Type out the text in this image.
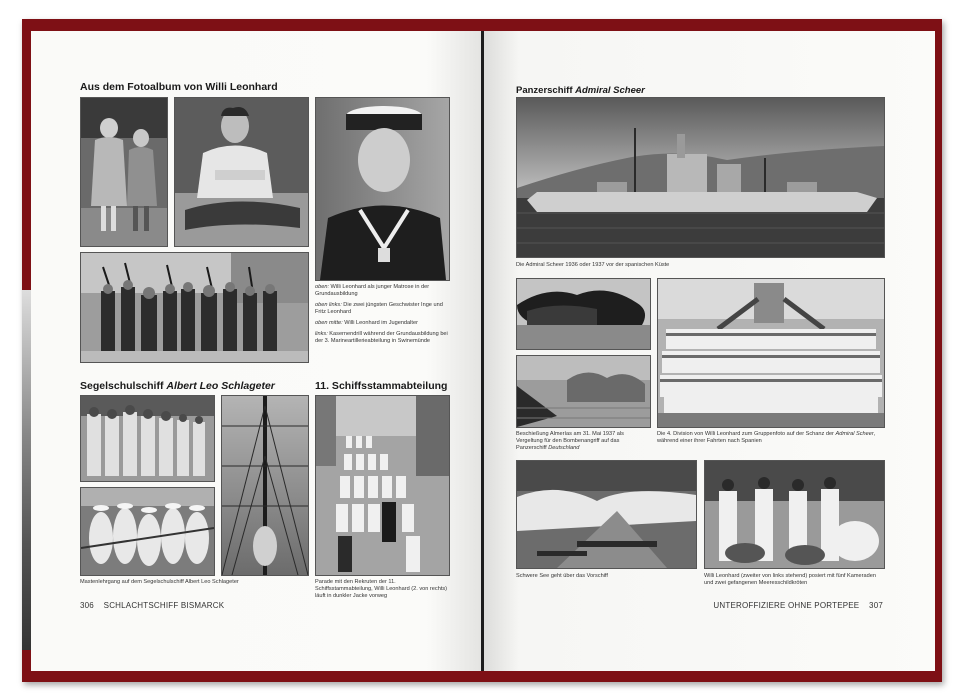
Aus dem Fotoalbum von Willi Leonhard

oben: Willi Leonhard als junger Matrose in der Grundausbildung

oben links: Die zwei jüngsten Geschwister Inge und Fritz Leonhard

oben mitte: Willi Leonhard im Jugendalter

links: Kasernendrill während der Grundausbildung bei der 3. Marineartillerieabteilung in Swinemünde

Segelschulschiff Albert Leo Schlageter	11. Schiffsstammabteilung
Mastenlehrgang auf dem Segelschulschiff Albert Leo Schlageter	Parade mit den Rekruten der 11. Schiffsstammabteilung, Willi Leonhard (2. von rechts) läuft in dunkler Jacke vorweg
306 SCHLACHTSCHIFF BISMARCK
Panzerschiff Admiral Scheer
Die Admiral Scheer 1936 oder 1937 vor der spanischen Küste
Beschießung Almerías am 31. Mai 1937 als Vergeltung für den Bombenangriff auf das Panzerschiff Deutschland
Die 4. Division von Willi Leonhard zum Gruppenfoto auf der Schanz der Admiral Scheer, während einer ihrer Fahrten nach Spanien
Schwere See geht über das Vorschiff	Willi Leonhard (zweiter von links stehend) posiert mit fünf Kameraden und zwei gefangenen Meeresschildkröten
UNTEROFFIZIERE OHNE PORTEPEE 307
